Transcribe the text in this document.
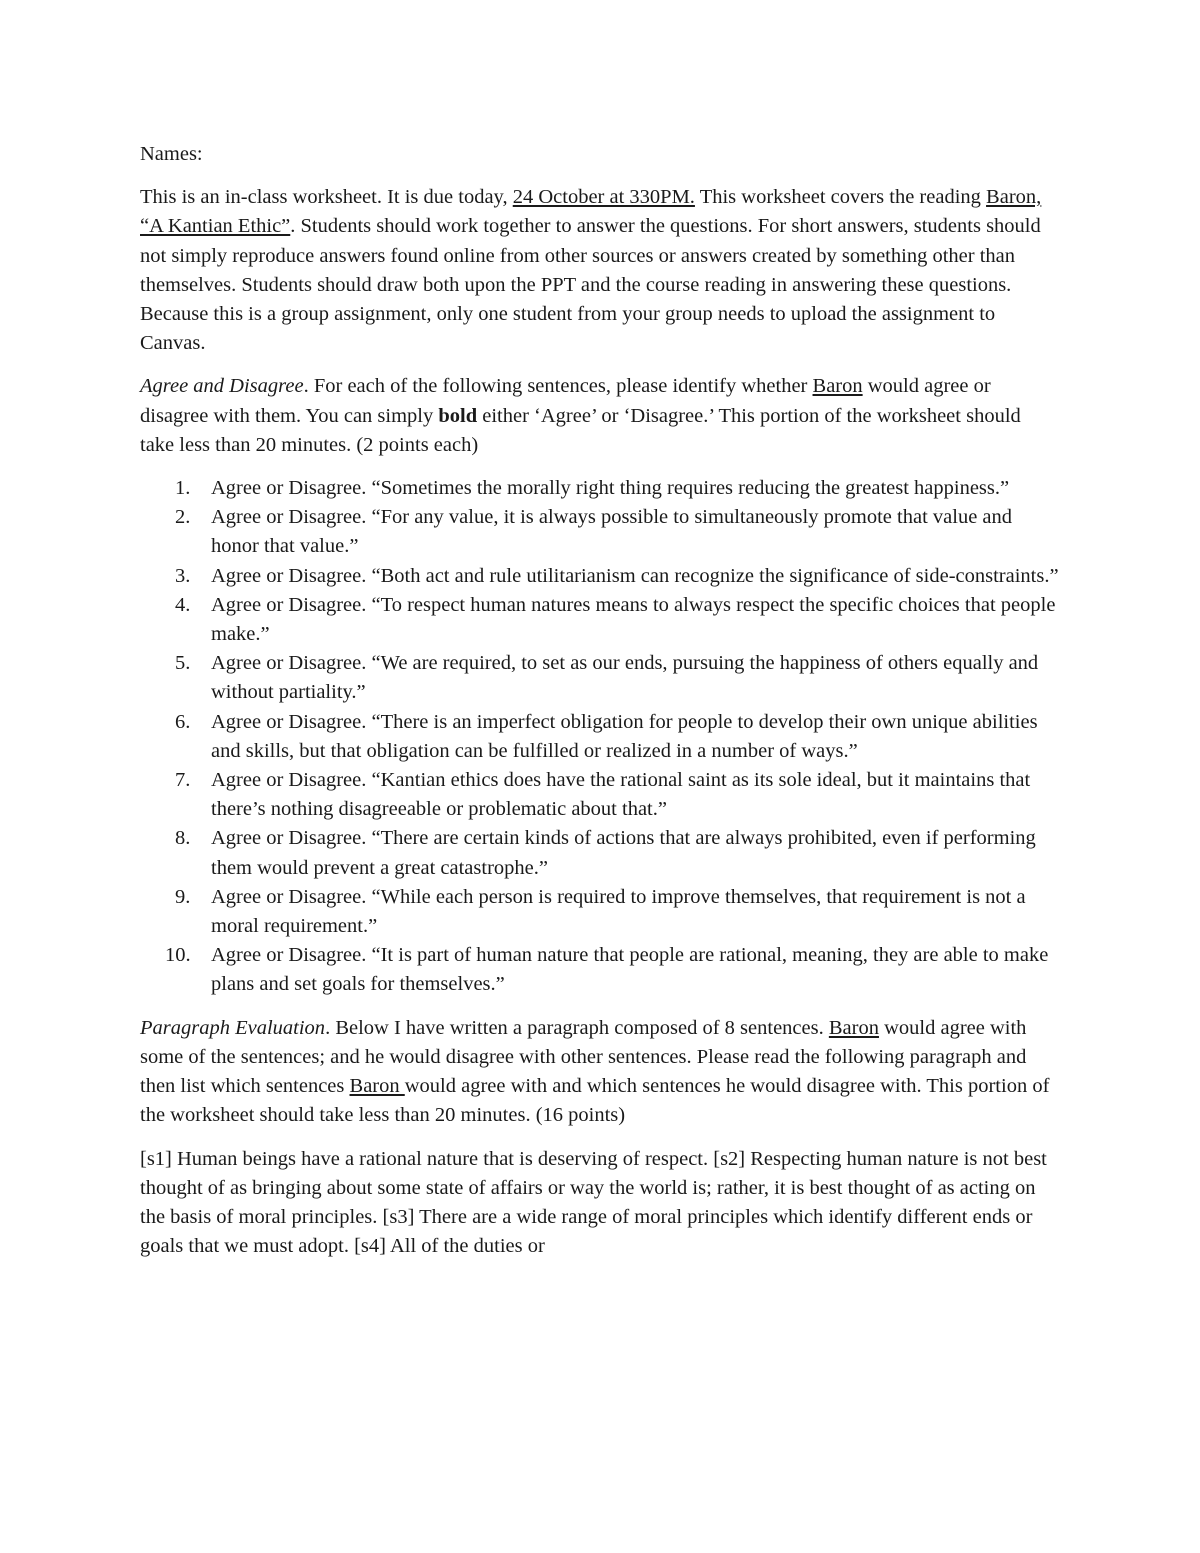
Names:

This is an in-class worksheet. It is due today, 24 October at 330PM. This worksheet covers the reading Baron, “A Kantian Ethic”. Students should work together to answer the questions. For short answers, students should not simply reproduce answers found online from other sources or answers created by something other than themselves. Students should draw both upon the PPT and the course reading in answering these questions. Because this is a group assignment, only one student from your group needs to upload the assignment to Canvas.

Agree and Disagree. For each of the following sentences, please identify whether Baron would agree or disagree with them. You can simply bold either ‘Agree’ or ‘Disagree.’ This portion of the worksheet should take less than 20 minutes. (2 points each)

1.	Agree or Disagree. “Sometimes the morally right thing requires reducing the greatest happiness.”
2.	Agree or Disagree. “For any value, it is always possible to simultaneously promote that value and honor that value.”
3.	Agree or Disagree. “Both act and rule utilitarianism can recognize the significance of side-constraints.”
4.	Agree or Disagree. “To respect human natures means to always respect the specific choices that people make.”
5.	Agree or Disagree. “We are required, to set as our ends, pursuing the happiness of others equally and without partiality.”
6.	Agree or Disagree. “There is an imperfect obligation for people to develop their own unique abilities and skills, but that obligation can be fulfilled or realized in a number of ways.”
7.	Agree or Disagree. “Kantian ethics does have the rational saint as its sole ideal, but it maintains that there’s nothing disagreeable or problematic about that.”
8.	Agree or Disagree. “There are certain kinds of actions that are always prohibited, even if performing them would prevent a great catastrophe.”
9.	Agree or Disagree. “While each person is required to improve themselves, that requirement is not a moral requirement.”
10. Agree or Disagree. “It is part of human nature that people are rational, meaning, they are able to make plans and set goals for themselves.”

Paragraph Evaluation. Below I have written a paragraph composed of 8 sentences. Baron would agree with some of the sentences; and he would disagree with other sentences. Please read the following paragraph and then list which sentences Baron would agree with and which sentences he would disagree with. This portion of the worksheet should take less than 20 minutes. (16 points)

[s1] Human beings have a rational nature that is deserving of respect. [s2] Respecting human nature is not best thought of as bringing about some state of affairs or way the world is; rather, it is best thought of as acting on the basis of moral principles. [s3] There are a wide range of moral principles which identify different ends or goals that we must adopt. [s4] All of the duties or
